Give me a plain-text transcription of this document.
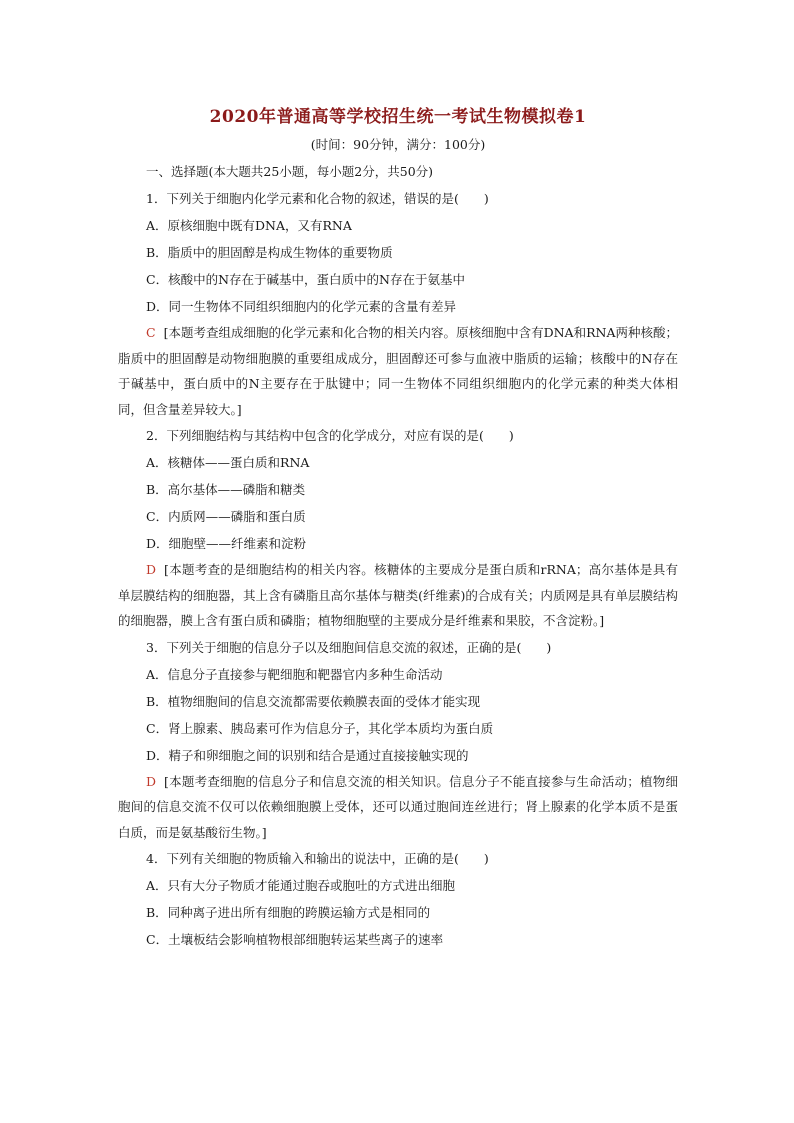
2020年普通高等学校招生统一考试生物模拟卷1

(时间：90分钟，满分：100分)

一、选择题(本大题共25小题，每小题2分，共50分)

1．下列关于细胞内化学元素和化合物的叙述，错误的是(　　)

A．原核细胞中既有DNA，又有RNA

B．脂质中的胆固醇是构成生物体的重要物质

C．核酸中的N存在于碱基中，蛋白质中的N存在于氨基中

D．同一生物体不同组织细胞内的化学元素的含量有差异

C [本题考查组成细胞的化学元素和化合物的相关内容。原核细胞中含有DNA和RNA两种核酸；脂质中的胆固醇是动物细胞膜的重要组成成分，胆固醇还可参与血液中脂质的运输；核酸中的N存在于碱基中，蛋白质中的N主要存在于肽键中；同一生物体不同组织细胞内的化学元素的种类大体相同，但含量差异较大。]

2．下列细胞结构与其结构中包含的化学成分，对应有误的是(　　)

A．核糖体——蛋白质和RNA

B．高尔基体——磷脂和糖类

C．内质网——磷脂和蛋白质

D．细胞壁——纤维素和淀粉

D [本题考查的是细胞结构的相关内容。核糖体的主要成分是蛋白质和rRNA；高尔基体是具有单层膜结构的细胞器，其上含有磷脂且高尔基体与糖类(纤维素)的合成有关；内质网是具有单层膜结构的细胞器，膜上含有蛋白质和磷脂；植物细胞壁的主要成分是纤维素和果胶，不含淀粉。]

3．下列关于细胞的信息分子以及细胞间信息交流的叙述，正确的是(　　)

A．信息分子直接参与靶细胞和靶器官内多种生命活动

B．植物细胞间的信息交流都需要依赖膜表面的受体才能实现

C．肾上腺素、胰岛素可作为信息分子，其化学本质均为蛋白质

D．精子和卵细胞之间的识别和结合是通过直接接触实现的

D [本题考查细胞的信息分子和信息交流的相关知识。信息分子不能直接参与生命活动；植物细胞间的信息交流不仅可以依赖细胞膜上受体，还可以通过胞间连丝进行；肾上腺素的化学本质不是蛋白质，而是氨基酸衍生物。]

4．下列有关细胞的物质输入和输出的说法中，正确的是(　　)

A．只有大分子物质才能通过胞吞或胞吐的方式进出细胞

B．同种离子进出所有细胞的跨膜运输方式是相同的

C．土壤板结会影响植物根部细胞转运某些离子的速率
